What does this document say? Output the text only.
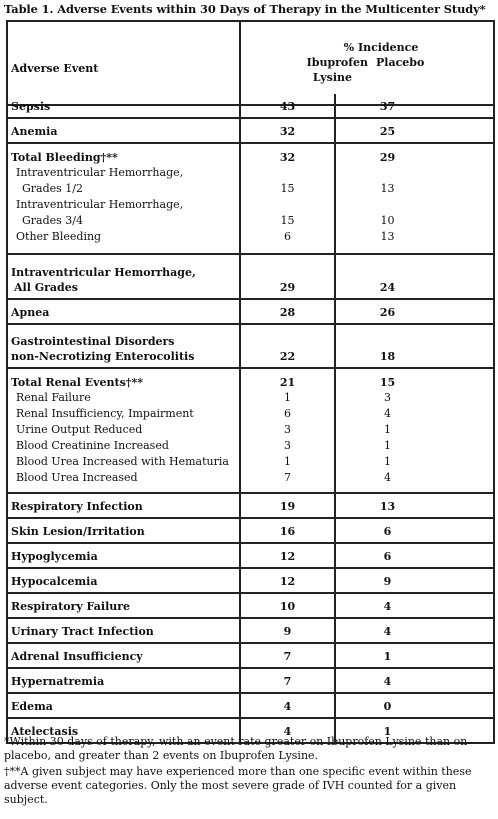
Table 1. Adverse Events within 30 Days of Therapy in the Multicenter Study*
Adverse Event	
% Incidence
Ibuprofen Placebo
Lysine
Sepsis	43	37
Anemia	32	25
Total Bleeding†**	32	29
Intraventricular Hemorrhage,		
Grades 1/2	15	13
Intraventricular Hemorrhage,		
Grades 3/4	15	10
Other Bleeding	6	13
Intraventricular Hemorrhage,		
All Grades	29	24
Apnea	28	26
Gastrointestinal Disorders		
non-Necrotizing Enterocolitis	22	18
Total Renal Events†**	21	15
Renal Failure	1	3
Renal Insufficiency, Impairment	6	4
Urine Output Reduced	3	1
Blood Creatinine Increased	3	1
Blood Urea Increased with Hematuria	1	1
Blood Urea Increased	7	4
Respiratory Infection	19	13
Skin Lesion/Irritation	16	6
Hypoglycemia	12	6
Hypocalcemia	12	9
Respiratory Failure	10	4
Urinary Tract Infection	9	4
Adrenal Insufficiency	7	1
Hypernatremia	7	4
Edema	4	0
Atelectasis	4	1
*Within 30 days of therapy, with an event rate greater on Ibuprofen Lysine than on placebo, and greater than 2 events on Ibuprofen Lysine.
†**A given subject may have experienced more than one specific event within these adverse event categories. Only the most severe grade of IVH counted for a given subject.
